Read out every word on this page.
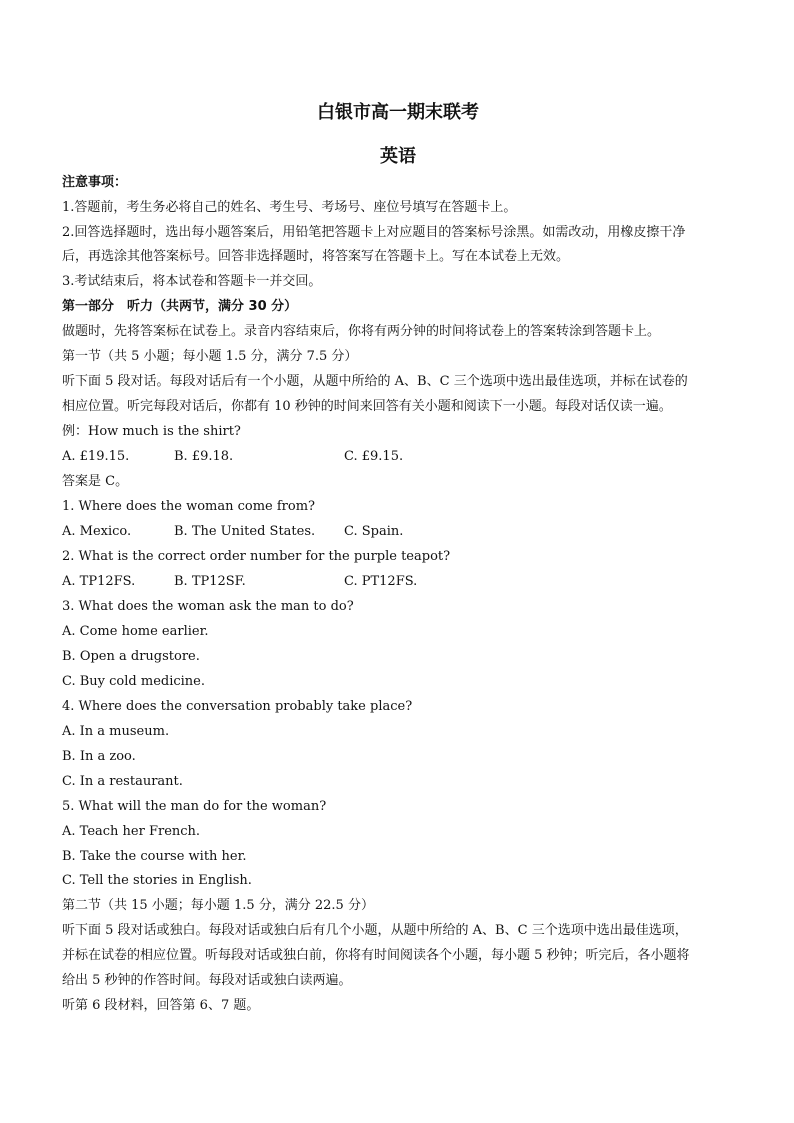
白银市高一期末联考
英语
注意事项：
1.答题前，考生务必将自己的姓名、考生号、考场号、座位号填写在答题卡上。
2.回答选择题时，选出每小题答案后，用铅笔把答题卡上对应题目的答案标号涂黑。如需改动，用橡皮擦干净
后，再选涂其他答案标号。回答非选择题时，将答案写在答题卡上。写在本试卷上无效。
3.考试结束后，将本试卷和答题卡一并交回。
第一部分　听力（共两节，满分 30 分）
做题时，先将答案标在试卷上。录音内容结束后，你将有两分钟的时间将试卷上的答案转涂到答题卡上。
第一节（共 5 小题；每小题 1.5 分，满分 7.5 分）
听下面 5 段对话。每段对话后有一个小题，从题中所给的 A、B、C 三个选项中选出最佳选项，并标在试卷的
相应位置。听完每段对话后，你都有 10 秒钟的时间来回答有关小题和阅读下一小题。每段对话仅读一遍。
例：How much is the shirt?
A. £19.15.	B. £9.18.	C. £9.15.
答案是 C。
1. Where does the woman come from?
A. Mexico.	B. The United States. C. Spain.
2. What is the correct order number for the purple teapot?
A. TP12FS.	B. TP12SF.	C. PT12FS.
3. What does the woman ask the man to do?
A. Come home earlier.
B. Open a drugstore.
C. Buy cold medicine.
4. Where does the conversation probably take place?
A. In a museum.
B. In a zoo.
C. In a restaurant.
5. What will the man do for the woman?
A. Teach her French.
B. Take the course with her.
C. Tell the stories in English.
第二节（共 15 小题；每小题 1.5 分，满分 22.5 分）
听下面 5 段对话或独白。每段对话或独白后有几个小题，从题中所给的 A、B、C 三个选项中选出最佳选项，
并标在试卷的相应位置。听每段对话或独白前，你将有时间阅读各个小题，每小题 5 秒钟；听完后，各小题将
给出 5 秒钟的作答时间。每段对话或独白读两遍。
听第 6 段材料，回答第 6、7 题。
